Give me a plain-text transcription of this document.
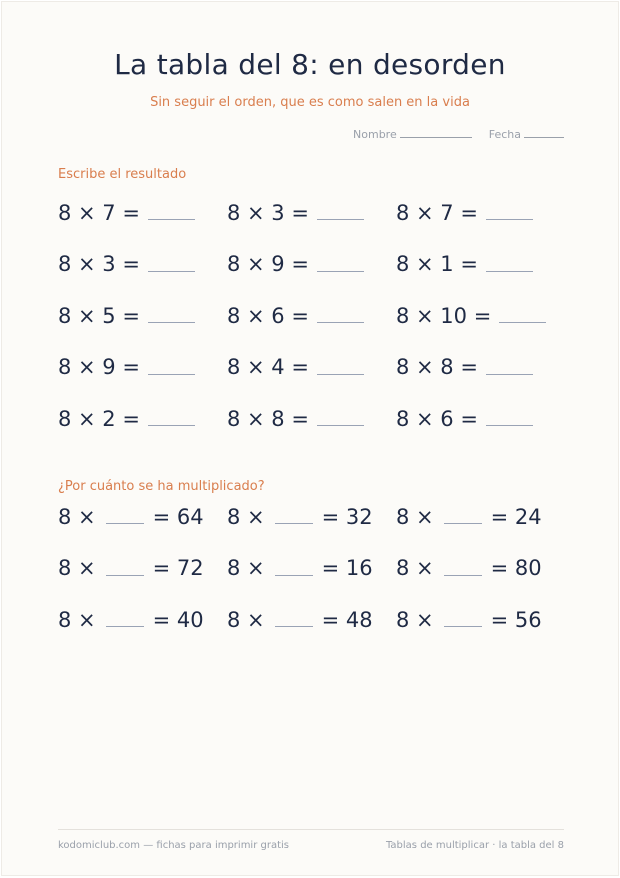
La tabla del 8: en desorden
Sin seguir el orden, que es como salen en la vida
Nombre	Fecha
Escribe el resultado
8 × 7 =	8 × 3 =	8 × 7 =
8 × 3 =	8 × 9 =	8 × 1 =
8 × 5 =	8 × 6 =	8 × 10 =
8 × 9 =	8 × 4 =	8 × 8 =
8 × 2 =	8 × 8 =	8 × 6 =
¿Por cuánto se ha multiplicado?
8 ×	= 64 8 ×	= 32 8 ×	= 24
8 ×	= 72 8 ×	= 16 8 ×	= 80
8 ×	= 40 8 ×	= 48 8 ×	= 56
kodomiclub.com — fichas para imprimir gratis	Tablas de multiplicar · la tabla del 8
